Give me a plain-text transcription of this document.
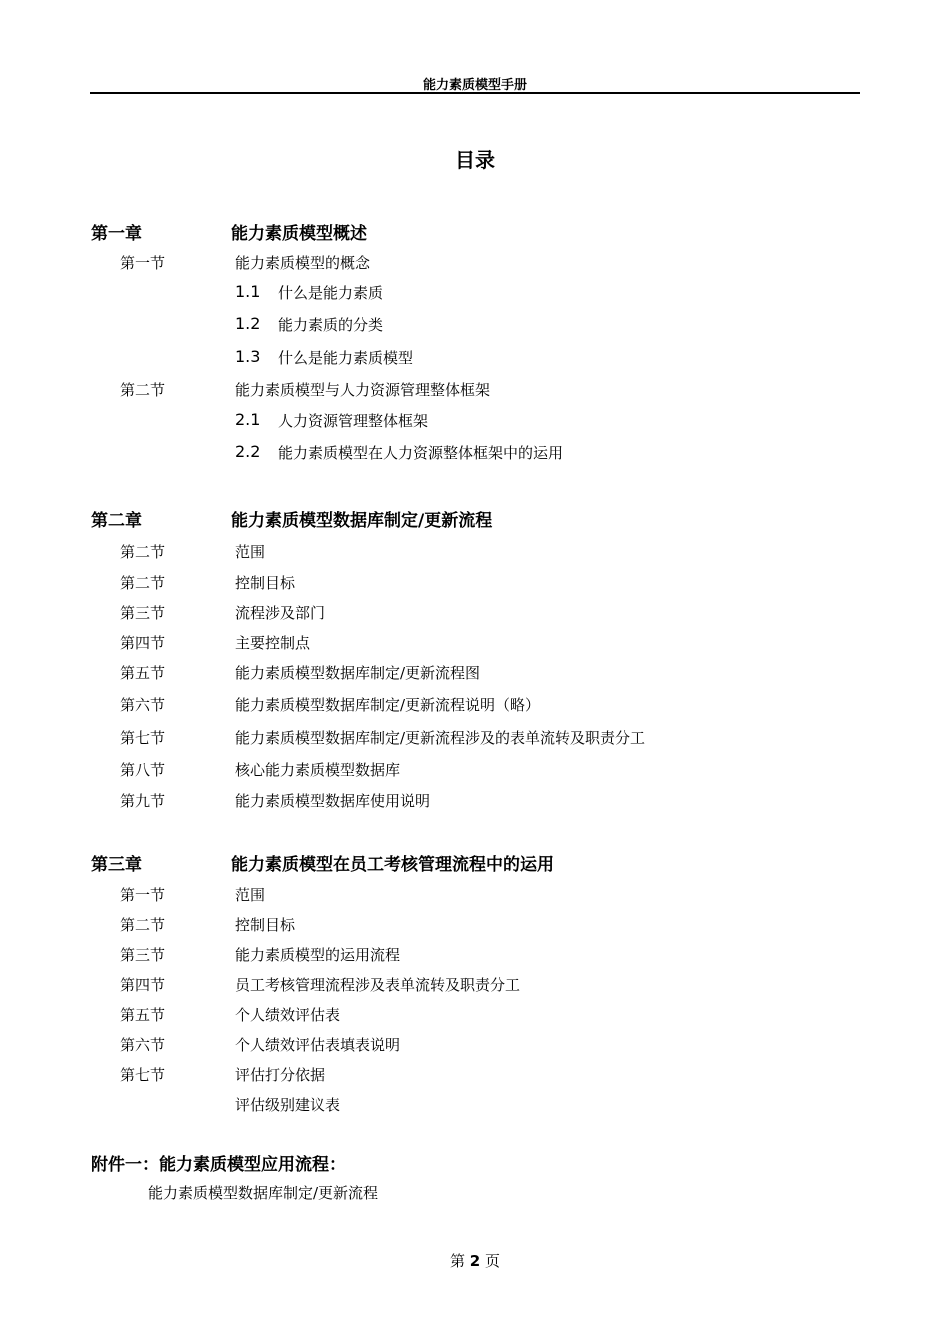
能力素质模型手册
目录
第一章	能力素质模型概述
第一节	能力素质模型的概念
1.1 什么是能力素质
1.2 能力素质的分类
1.3 什么是能力素质模型
第二节	能力素质模型与人力资源管理整体框架
2.1 人力资源管理整体框架
2.2 能力素质模型在人力资源整体框架中的运用
第二章	能力素质模型数据库制定/更新流程
第二节	范围
第二节	控制目标
第三节	流程涉及部门
第四节	主要控制点
第五节	能力素质模型数据库制定/更新流程图
第六节	能力素质模型数据库制定/更新流程说明（略）
第七节	能力素质模型数据库制定/更新流程涉及的表单流转及职责分工
第八节	核心能力素质模型数据库
第九节	能力素质模型数据库使用说明
第三章	能力素质模型在员工考核管理流程中的运用
第一节	范围
第二节	控制目标
第三节	能力素质模型的运用流程
第四节	员工考核管理流程涉及表单流转及职责分工
第五节	个人绩效评估表
第六节	个人绩效评估表填表说明
第七节	评估打分依据
评估级别建议表
附件一：能力素质模型应用流程：
能力素质模型数据库制定/更新流程
第 2 页
